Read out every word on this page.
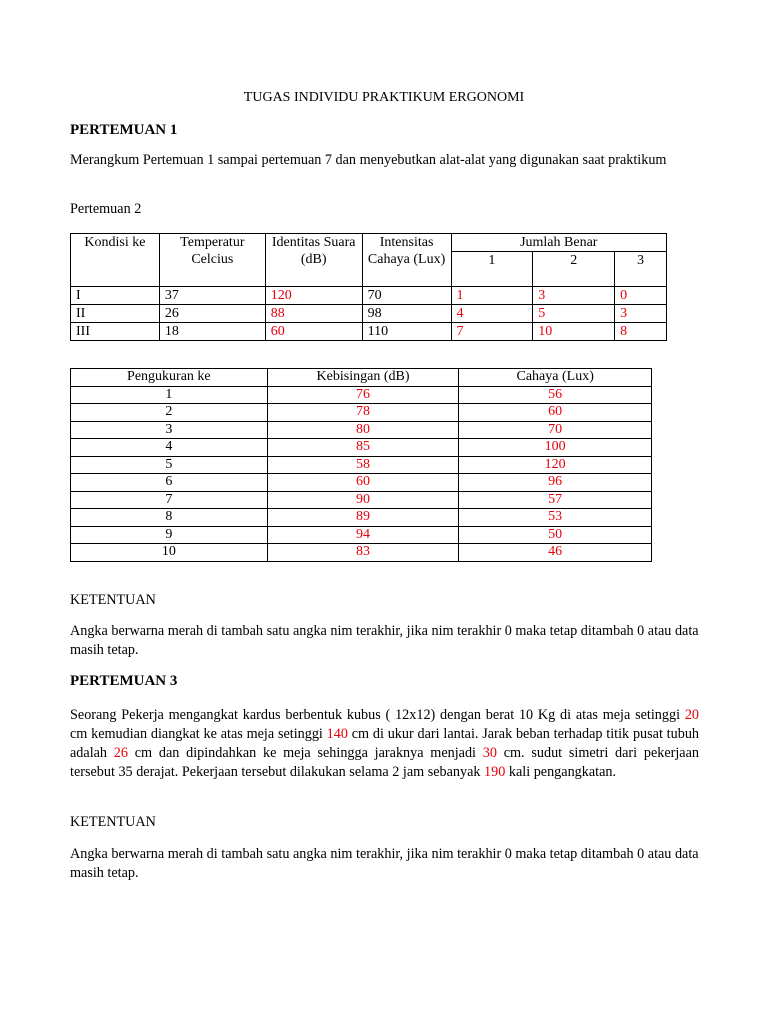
TUGAS INDIVIDU PRAKTIKUM ERGONOMI

PERTEMUAN 1

Merangkum Pertemuan 1 sampai pertemuan 7 dan menyebutkan alat-alat yang digunakan saat praktikum

Pertemuan 2

Kondisi ke	Temperatur Celcius	Identitas Suara (dB)	Intensitas Cahaya (Lux)	Jumlah Benar		
				1	2	3
I	37	120	70	1	3	0
II	26	88	98	4	5	3
III	18	60	110	7	10	8
Pengukuran ke	Kebisingan (dB)	Cahaya (Lux)
1	76	56
2	78	60
3	80	70
4	85	100
5	58	120
6	60	96
7	90	57
8	89	53
9	94	50
10	83	46

KETENTUAN

Angka berwarna merah di tambah satu angka nim terakhir, jika nim terakhir 0 maka tetap ditambah 0 atau data masih tetap.

PERTEMUAN 3

Seorang Pekerja mengangkat kardus berbentuk kubus ( 12x12) dengan berat 10 Kg di atas meja setinggi 20 cm kemudian diangkat ke atas meja setinggi 140 cm di ukur dari lantai. Jarak beban terhadap titik pusat tubuh adalah 26 cm dan dipindahkan ke meja sehingga jaraknya menjadi 30 cm. sudut simetri dari pekerjaan tersebut 35 derajat. Pekerjaan tersebut dilakukan selama 2 jam sebanyak 190 kali pengangkatan.

KETENTUAN

Angka berwarna merah di tambah satu angka nim terakhir, jika nim terakhir 0 maka tetap ditambah 0 atau data masih tetap.
